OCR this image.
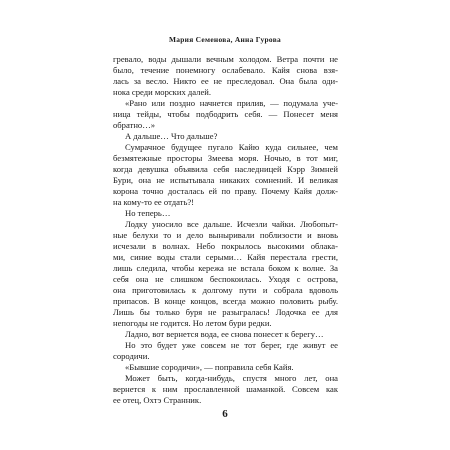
Мария Семенова, Анна Гурова
гревало, воды дышали вечным холодом. Ветра почти не
было, течение понемногу ослабевало. Кайя снова взя-
лась за весло. Никто ее не преследовал. Она была оди-
нока среди морских далей.
«Рано или поздно начнется прилив, — подумала уче-
ница тейды, чтобы подбодрить себя. — Понесет меня
обратно…»
А дальше… Что дальше?
Сумрачное будущее пугало Кайю куда сильнее, чем
безмятежные просторы Змеева моря. Ночью, в тот миг,
когда девушка объявила себя наследницей Кэрр Зимней
Бури, она не испытывала никаких сомнений. И великая
корона точно досталась ей по праву. Почему Кайя долж-
на кому-то ее отдать?!
Но теперь…
Лодку уносило все дальше. Исчезли чайки. Любопыт-
ные белухи то и дело выныривали поблизости и вновь
исчезали в волнах. Небо покрылось высокими облака-
ми, синие воды стали серыми… Кайя перестала грести,
лишь следила, чтобы кережа не встала боком к волне. За
себя она не слишком беспокоилась. Уходя с острова,
она приготовилась к долгому пути и собрала вдоволь
припасов. В конце концов, всегда можно половить рыбу.
Лишь бы только буря не разыгралась! Лодочка ее для
непогоды не годится. Но летом бури редки.
Ладно, вот вернется вода, ее снова понесет к берегу…
Но это будет уже совсем не тот берег, где живут ее
сородичи.
«Бывшие сородичи», — поправила себя Кайя.
Может быть, когда-нибудь, спустя много лет, она
вернется к ним прославленной шаманкой. Совсем как
ее отец, Охтэ Странник.
6
